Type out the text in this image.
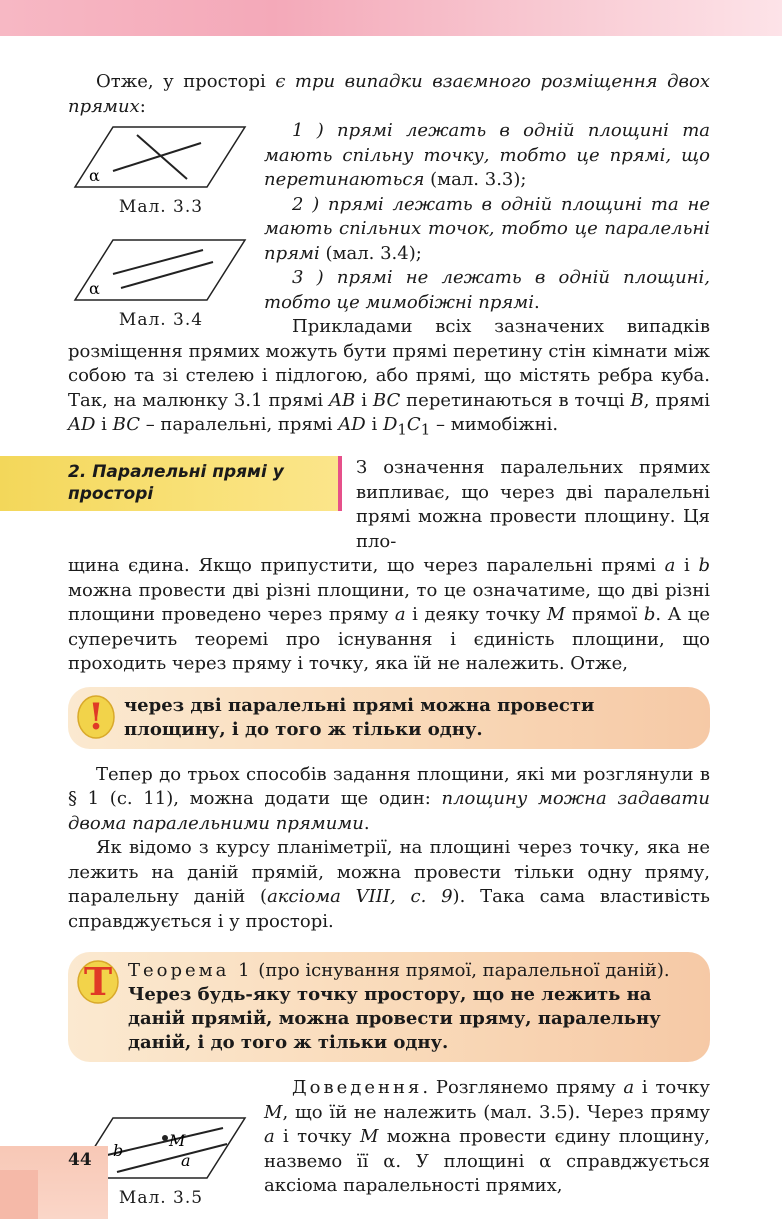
Отже, у просторі є три випадки взаємного розміщення двох прямих:

α
Мал. 3.3
α
Мал. 3.4

1 ) прямі лежать в одній площині та мають спільну точку, тобто це прямі, що перетинаються (мал. 3.3);

2 ) прямі лежать в одній площині та не мають спільних точок, тобто це паралельні прямі (мал. 3.4);

3 ) прямі не лежать в одній площині, тобто це мимобіжні прямі.

Прикладами всіх зазначених випадків розміщення прямих можуть бути прямі перетину стін кімнати між собою та зі стелею і підлогою, або прямі, що містять ребра куба. Так, на малюнку 3.1 прямі AB і BC перетинаються в точці B, прямі AD і BC – паралельні, прямі AD і $D_1C_1$ – мимобіжні.

2. Паралельні прямі у просторі

З означення паралельних прямих випливає, що через дві паралельні прямі можна провести площину. Ця пло-

щина єдина. Якщо припустити, що через паралельні прямі a і b можна провести дві різні площини, то це означатиме, що дві різні площини проведено через пряму a і деяку точку M прямої b. А це суперечить теоремі про існування і єдиність площини, що проходить через пряму і точку, яка їй не належить. Отже,

! через дві паралельні прямі можна провести площину, і до того ж тільки одну.

Тепер до трьох способів задання площини, які ми розглянули в § 1 (с. 11), можна додати ще один: площину можна задавати двома паралельними прямими.

Як відомо з курсу планіметрії, на площині через точку, яка не лежить на даній прямій, можна провести тільки одну пряму, паралельну даній (аксіома VIII, с. 9). Така сама властивість справджується і у просторі.

T Теорема 1 (про існування прямої, паралельної даній). Через будь-яку точку простору, що не лежить на даній прямій, можна провести пряму, паралельну даній, і до того ж тільки одну.
b
M
a
Мал. 3.5

Доведення. Розглянемо пряму a і точку M, що їй не належить (мал. 3.5). Через пряму a і точку M можна провести єдину площину, назвемо її α. У площині α справджується аксіома паралельності прямих,

44
